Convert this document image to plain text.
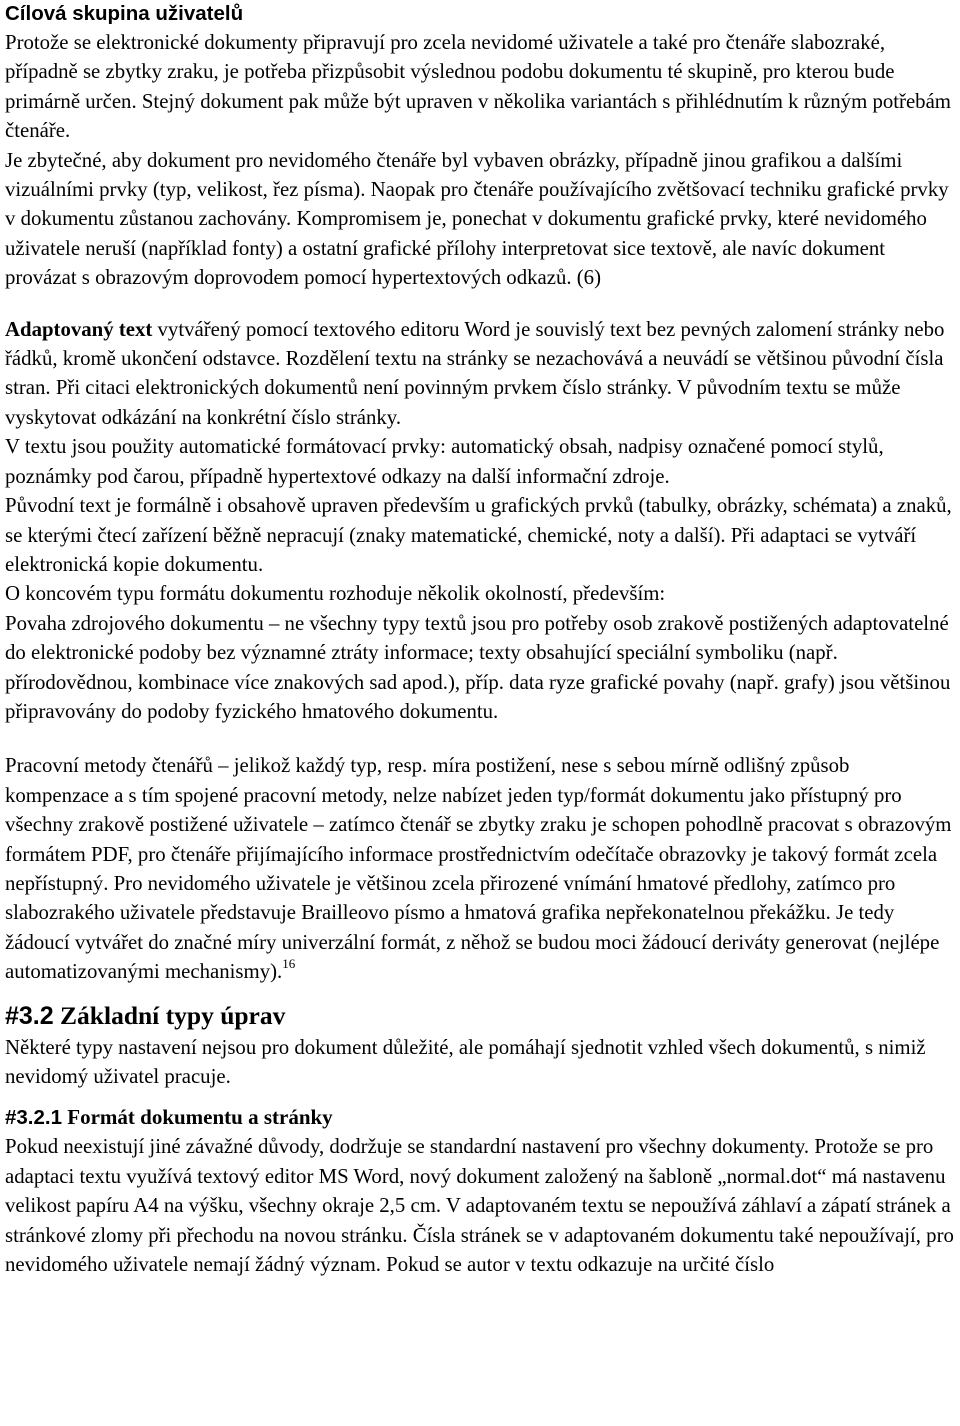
Cílová skupina uživatelů

Protože se elektronické dokumenty připravují pro zcela nevidomé uživatele a také pro čtenáře slabozraké, případně se zbytky zraku, je potřeba přizpůsobit výslednou podobu dokumentu té skupině, pro kterou bude primárně určen. Stejný dokument pak může být upraven v několika variantách s přihlédnutím k různým potřebám čtenáře.

Je zbytečné, aby dokument pro nevidomého čtenáře byl vybaven obrázky, případně jinou grafikou a dalšími vizuálními prvky (typ, velikost, řez písma). Naopak pro čtenáře používajícího zvětšovací techniku grafické prvky v dokumentu zůstanou zachovány. Kompromisem je, ponechat v dokumentu grafické prvky, které nevidomého uživatele neruší (například fonty) a ostatní grafické přílohy interpretovat sice textově, ale navíc dokument provázat s obrazovým doprovodem pomocí hypertextových odkazů. (6)

Adaptovaný text vytvářený pomocí textového editoru Word je souvislý text bez pevných zalomení stránky nebo řádků, kromě ukončení odstavce. Rozdělení textu na stránky se nezachovává a neuvádí se většinou původní čísla stran. Při citaci elektronických dokumentů není povinným prvkem číslo stránky. V původním textu se může vyskytovat odkázání na konkrétní číslo stránky.

V textu jsou použity automatické formátovací prvky: automatický obsah, nadpisy označené pomocí stylů, poznámky pod čarou, případně hypertextové odkazy na další informační zdroje.

Původní text je formálně i obsahově upraven především u grafických prvků (tabulky, obrázky, schémata) a znaků, se kterými čtecí zařízení běžně nepracují (znaky matematické, chemické, noty a další). Při adaptaci se vytváří elektronická kopie dokumentu.

O koncovém typu formátu dokumentu rozhoduje několik okolností, především:

Povaha zdrojového dokumentu – ne všechny typy textů jsou pro potřeby osob zrakově postižených adaptovatelné do elektronické podoby bez významné ztráty informace; texty obsahující speciální symboliku (např. přírodovědnou, kombinace více znakových sad apod.), příp. data ryze grafické povahy (např. grafy) jsou většinou připravovány do podoby fyzického hmatového dokumentu.

Pracovní metody čtenářů – jelikož každý typ, resp. míra postižení, nese s sebou mírně odlišný způsob kompenzace a s tím spojené pracovní metody, nelze nabízet jeden typ/formát dokumentu jako přístupný pro všechny zrakově postižené uživatele – zatímco čtenář se zbytky zraku je schopen pohodlně pracovat s obrazovým formátem PDF, pro čtenáře přijímajícího informace prostřednictvím odečítače obrazovky je takový formát zcela nepřístupný. Pro nevidomého uživatele je většinou zcela přirozené vnímání hmatové předlohy, zatímco pro slabozrakého uživatele představuje Brailleovo písmo a hmatová grafika nepřekonatelnou překážku. Je tedy žádoucí vytvářet do značné míry univerzální formát, z něhož se budou moci žádoucí deriváty generovat (nejlépe automatizovanými mechanismy).$^{16}$

#3.2 Základní typy úprav

Některé typy nastavení nejsou pro dokument důležité, ale pomáhají sjednotit vzhled všech dokumentů, s nimiž nevidomý uživatel pracuje.

#3.2.1 Formát dokumentu a stránky

Pokud neexistují jiné závažné důvody, dodržuje se standardní nastavení pro všechny dokumenty. Protože se pro adaptaci textu využívá textový editor MS Word, nový dokument založený na šabloně „normal.dot“ má nastavenu velikost papíru A4 na výšku, všechny okraje 2,5 cm. V adaptovaném textu se nepoužívá záhlaví a zápatí stránek a stránkové zlomy při přechodu na novou stránku. Čísla stránek se v adaptovaném dokumentu také nepoužívají, pro nevidomého uživatele nemají žádný význam. Pokud se autor v textu odkazuje na určité číslo
